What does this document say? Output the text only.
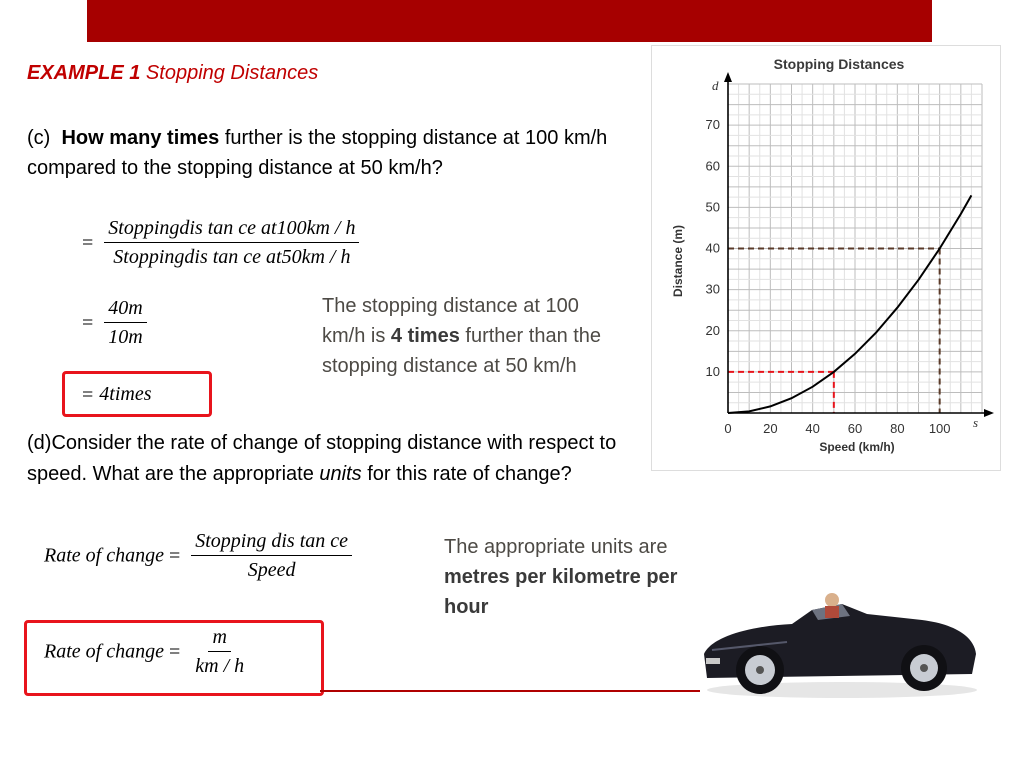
EXAMPLE 1 Stopping Distances
(c) How many times further is the stopping distance at 100 km/h compared to the stopping distance at 50 km/h?
= $\frac{\text{Stoppingdis tan ce at100km / h}}{\text{Stoppingdis tan ce at50km / h}}$
= $\frac{40m}{10m}$
= 4times
The stopping distance at 100 km/h is 4 times further than the stopping distance at 50 km/h
(d)Consider the rate of change of stopping distance with respect to speed. What are the appropriate units for this rate of change?
Rate of change = $\frac{\text{Stopping dis tan ce}}{\text{Speed}}$
Rate of change = $\frac{m}{km / h}$
The appropriate units are metres per kilometre per hour
Stopping Distances
0 20 40 60 80 100
10
20
30
40
50
60
70
Distance (m)
Speed (km/h)
d
s
